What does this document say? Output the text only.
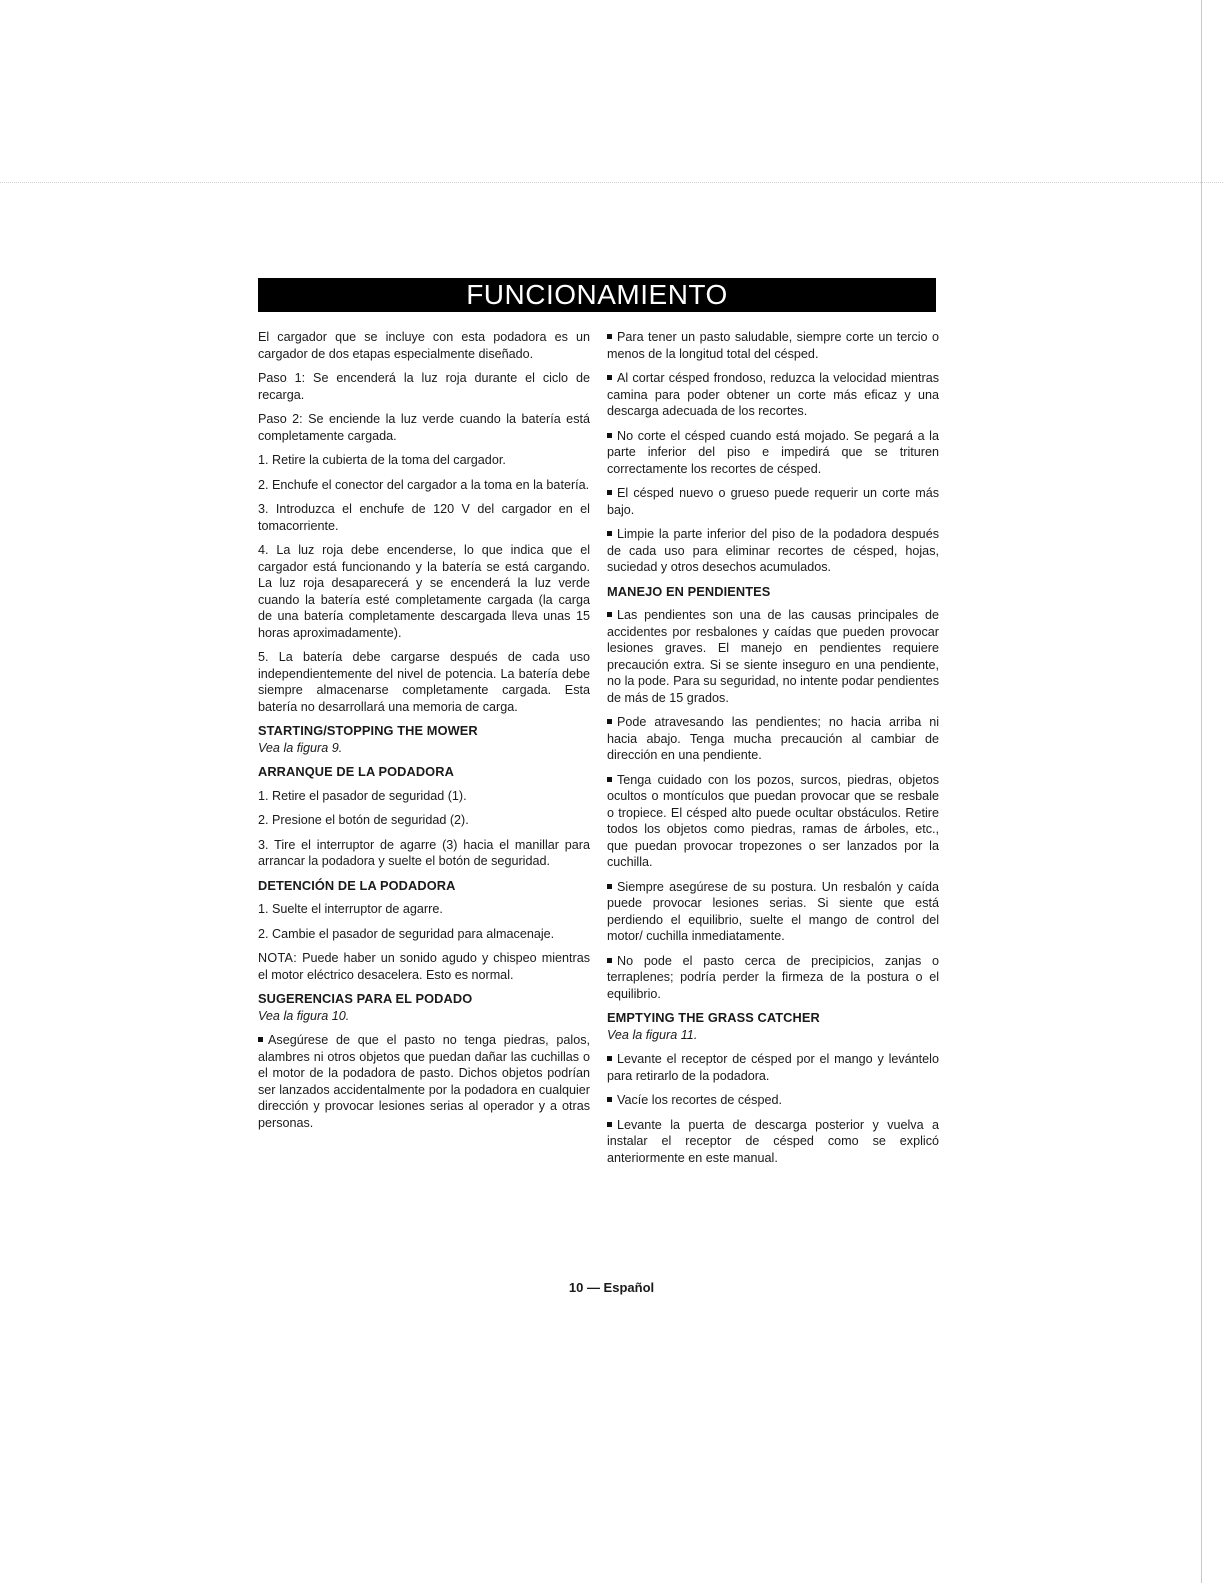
FUNCIONAMIENTO

El cargador que se incluye con esta podadora es un cargador de dos etapas especialmente diseñado.

Paso 1: Se encenderá la luz roja durante el ciclo de recarga.

Paso 2: Se enciende la luz verde cuando la batería está completamente cargada.

1. Retire la cubierta de la toma del cargador.

2. Enchufe el conector del cargador a la toma en la batería.

3. Introduzca el enchufe de 120 V del cargador en el tomacorriente.

4. La luz roja debe encenderse, lo que indica que el cargador está funcionando y la batería se está cargando. La luz roja desaparecerá y se encenderá la luz verde cuando la batería esté completamente cargada (la carga de una batería completamente descargada lleva unas 15 horas aproximadamente).

5. La batería debe cargarse después de cada uso independientemente del nivel de potencia. La batería debe siempre almacenarse completamente cargada. Esta batería no desarrollará una memoria de carga.

STARTING/STOPPING THE MOWER

Vea la figura 9.

ARRANQUE DE LA PODADORA

1. Retire el pasador de seguridad (1).

2. Presione el botón de seguridad (2).

3. Tire el interruptor de agarre (3) hacia el manillar para arrancar la podadora y suelte el botón de seguridad.

DETENCIÓN DE LA PODADORA

1. Suelte el interruptor de agarre.

2. Cambie el pasador de seguridad para almacenaje.

NOTA: Puede haber un sonido agudo y chispeo mientras el motor eléctrico desacelera. Esto es normal.

SUGERENCIAS PARA EL PODADO

Vea la figura 10.

Asegúrese de que el pasto no tenga piedras, palos, alambres ni otros objetos que puedan dañar las cuchillas o el motor de la podadora de pasto. Dichos objetos podrían ser lanzados accidentalmente por la podadora en cualquier dirección y provocar lesiones serias al operador y a otras personas.

Para tener un pasto saludable, siempre corte un tercio o menos de la longitud total del césped.

Al cortar césped frondoso, reduzca la velocidad mientras camina para poder obtener un corte más eficaz y una descarga adecuada de los recortes.

No corte el césped cuando está mojado. Se pegará a la parte inferior del piso e impedirá que se trituren correctamente los recortes de césped.

El césped nuevo o grueso puede requerir un corte más bajo.

Limpie la parte inferior del piso de la podadora después de cada uso para eliminar recortes de césped, hojas, suciedad y otros desechos acumulados.

MANEJO EN PENDIENTES

Las pendientes son una de las causas principales de accidentes por resbalones y caídas que pueden provocar lesiones graves. El manejo en pendientes requiere precaución extra. Si se siente inseguro en una pendiente, no la pode. Para su seguridad, no intente podar pendientes de más de 15 grados.

Pode atravesando las pendientes; no hacia arriba ni hacia abajo. Tenga mucha precaución al cambiar de dirección en una pendiente.

Tenga cuidado con los pozos, surcos, piedras, objetos ocultos o montículos que puedan provocar que se resbale o tropiece. El césped alto puede ocultar obstáculos. Retire todos los objetos como piedras, ramas de árboles, etc., que puedan provocar tropezones o ser lanzados por la cuchilla.

Siempre asegúrese de su postura. Un resbalón y caída puede provocar lesiones serias. Si siente que está perdiendo el equilibrio, suelte el mango de control del motor/ cuchilla inmediatamente.

No pode el pasto cerca de precipicios, zanjas o terraplenes; podría perder la firmeza de la postura o el equilibrio.

EMPTYING THE GRASS CATCHER

Vea la figura 11.

Levante el receptor de césped por el mango y levántelo para retirarlo de la podadora.

Vacíe los recortes de césped.

Levante la puerta de descarga posterior y vuelva a instalar el receptor de césped como se explicó anteriormente en este manual.

10 — Español
